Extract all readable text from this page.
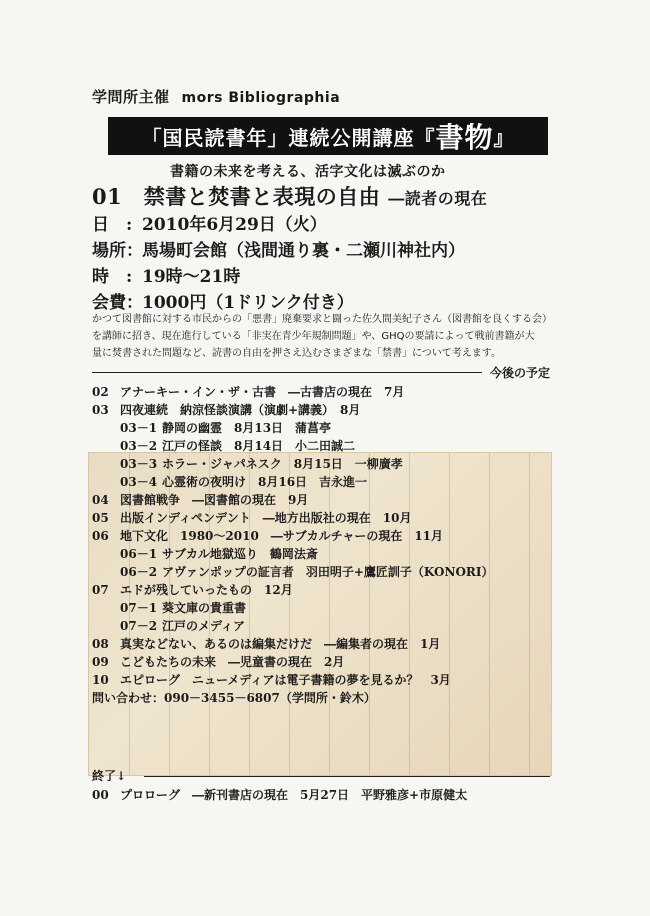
学問所主催 mors Bibliographia
「国民読書年」連続公開講座『 書物 』
書籍の未来を考える、活字文化は滅ぶのか
01　禁書と焚書と表現の自由 ―読者の現在
日　: 2010年6月29日（火）
場所：馬場町会館（浅間通り裏・二瀬川神社内）
時　: 19時～21時
会費：1000円（1ドリンク付き）
かつて図書館に対する市民からの「悪書」廃棄要求と闘った佐久間美紀子さん（図書館を良くする会）
を講師に招き、現在進行している「非実在青少年規制問題」や、GHQの要請によって戦前書籍が大
量に焚書された問題など、読書の自由を押さえ込むさまざまな「禁書」について考えます。
今後の予定
02 アナーキー・イン・ザ・古書　―古書店の現在　7月
03 四夜連続　納涼怪談演講（演劇+講義）　8月
03－1 静岡の幽霊　8月13日　蒲菖亭
03－2 江戸の怪談　8月14日　小二田誠二
03－3 ホラー・ジャパネスク　8月15日　一柳廣孝
03－4 心霊術の夜明け　8月16日　吉永進一
04 図書館戦争　―図書館の現在　9月
05 出版インディペンデント　―地方出版社の現在　10月
06 地下文化　1980～2010　―サブカルチャーの現在　11月
06－1 サブカル地獄巡り　鶴岡法斎
06－2 アヴァンポップの証言者　羽田明子+鷹匠訓子（KONORI）
07 エドが残していったもの　12月
07－1 葵文庫の貴重書
07－2 江戸のメディア
08 真実などない、あるのは編集だけだ　―編集者の現在　1月
09 こどもたちの未来　―児童書の現在　2月
10 エピローグ　ニューメディアは電子書籍の夢を見るか？　3月
問い合わせ：090－3455－6807（学問所・鈴木）
終了↓
00 プロローグ　―新刊書店の現在　5月27日　平野雅彦+市原健太
